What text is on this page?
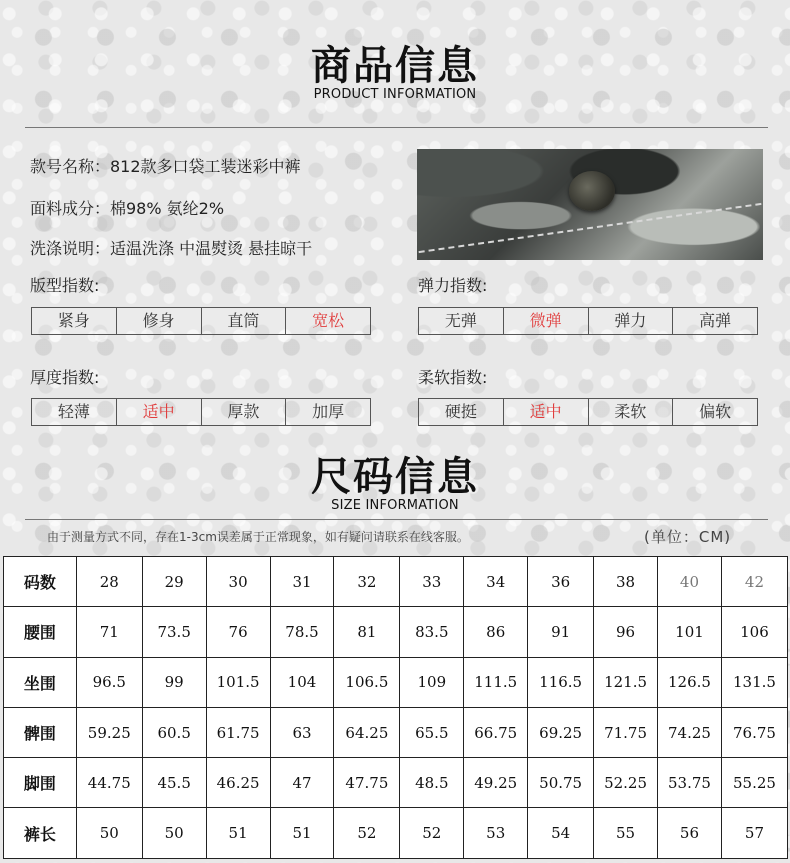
商品信息
PRODUCT INFORMATION
款号名称：812款多口袋工装迷彩中裤
面料成分：棉98% 氨纶2%
洗涤说明：适温洗涤 中温熨烫 悬挂晾干
版型指数:
紧身	修身	直筒	宽松
弹力指数:
无弹	微弹	弹力	高弹
厚度指数:
轻薄	适中	厚款	加厚
柔软指数:
硬挺	适中	柔软	偏软
尺码信息
SIZE INFORMATION
由于测量方式不同，存在1-3cm误差属于正常现象，如有疑问请联系在线客服。	(单位：CM)
码数	28	29	30	31	32	33	34	36	38	40	42
腰围	71	73.5	76	78.5	81	83.5	86	91	96	101	106
坐围	96.5	99	101.5	104	106.5	109	111.5	116.5	121.5	126.5	131.5
髀围	59.25	60.5	61.75	63	64.25	65.5	66.75	69.25	71.75	74.25	76.75
脚围	44.75	45.5	46.25	47	47.75	48.5	49.25	50.75	52.25	53.75	55.25
裤长	50	50	51	51	52	52	53	54	55	56	57
